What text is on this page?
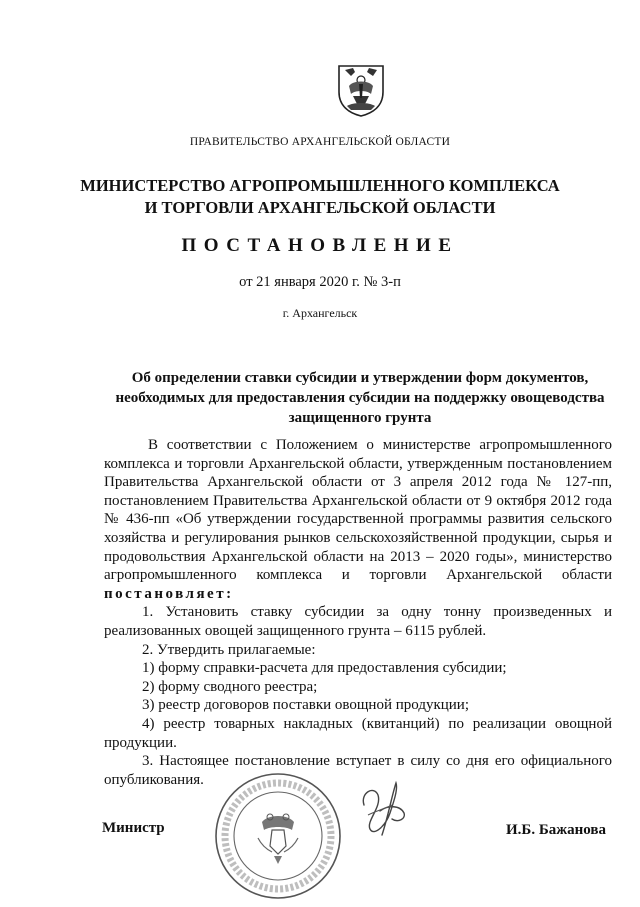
ПРАВИТЕЛЬСТВО АРХАНГЕЛЬСКОЙ ОБЛАСТИ
МИНИСТЕРСТВО АГРОПРОМЫШЛЕННОГО КОМПЛЕКСА
И ТОРГОВЛИ АРХАНГЕЛЬСКОЙ ОБЛАСТИ
ПОСТАНОВЛЕНИЕ
от 21 января 2020 г. № 3-п
г. Архангельск
Об определении ставки субсидии и утверждении форм документов,
необходимых для предоставления субсидии на поддержку овощеводства
защищенного грунта

В соответствии с Положением о министерстве агропромышленного комплекса и торговли Архангельской области, утвержденным постановлением Правительства Архангельской области от 3 апреля 2012 года № 127-пп, постановлением Правительства Архангельской области от 9 октября 2012 года № 436-пп «Об утверждении государственной программы развития сельского хозяйства и регулирования рынков сельскохозяйственной продукции, сырья и продовольствия Архангельской области на 2013 – 2020 годы», министерство агропромышленного комплекса и торговли Архангельской области постановляет:

1. Установить ставку субсидии за одну тонну произведенных и реализованных овощей защищенного грунта – 6115 рублей.

2. Утвердить прилагаемые:

1) форму справки-расчета для предоставления субсидии;

2) форму сводного реестра;

3) реестр договоров поставки овощной продукции;

4) реестр товарных накладных (квитанций) по реализации овощной продукции.

3. Настоящее постановление вступает в силу со дня его официального опубликования.

Министр	И.Б. Бажанова
